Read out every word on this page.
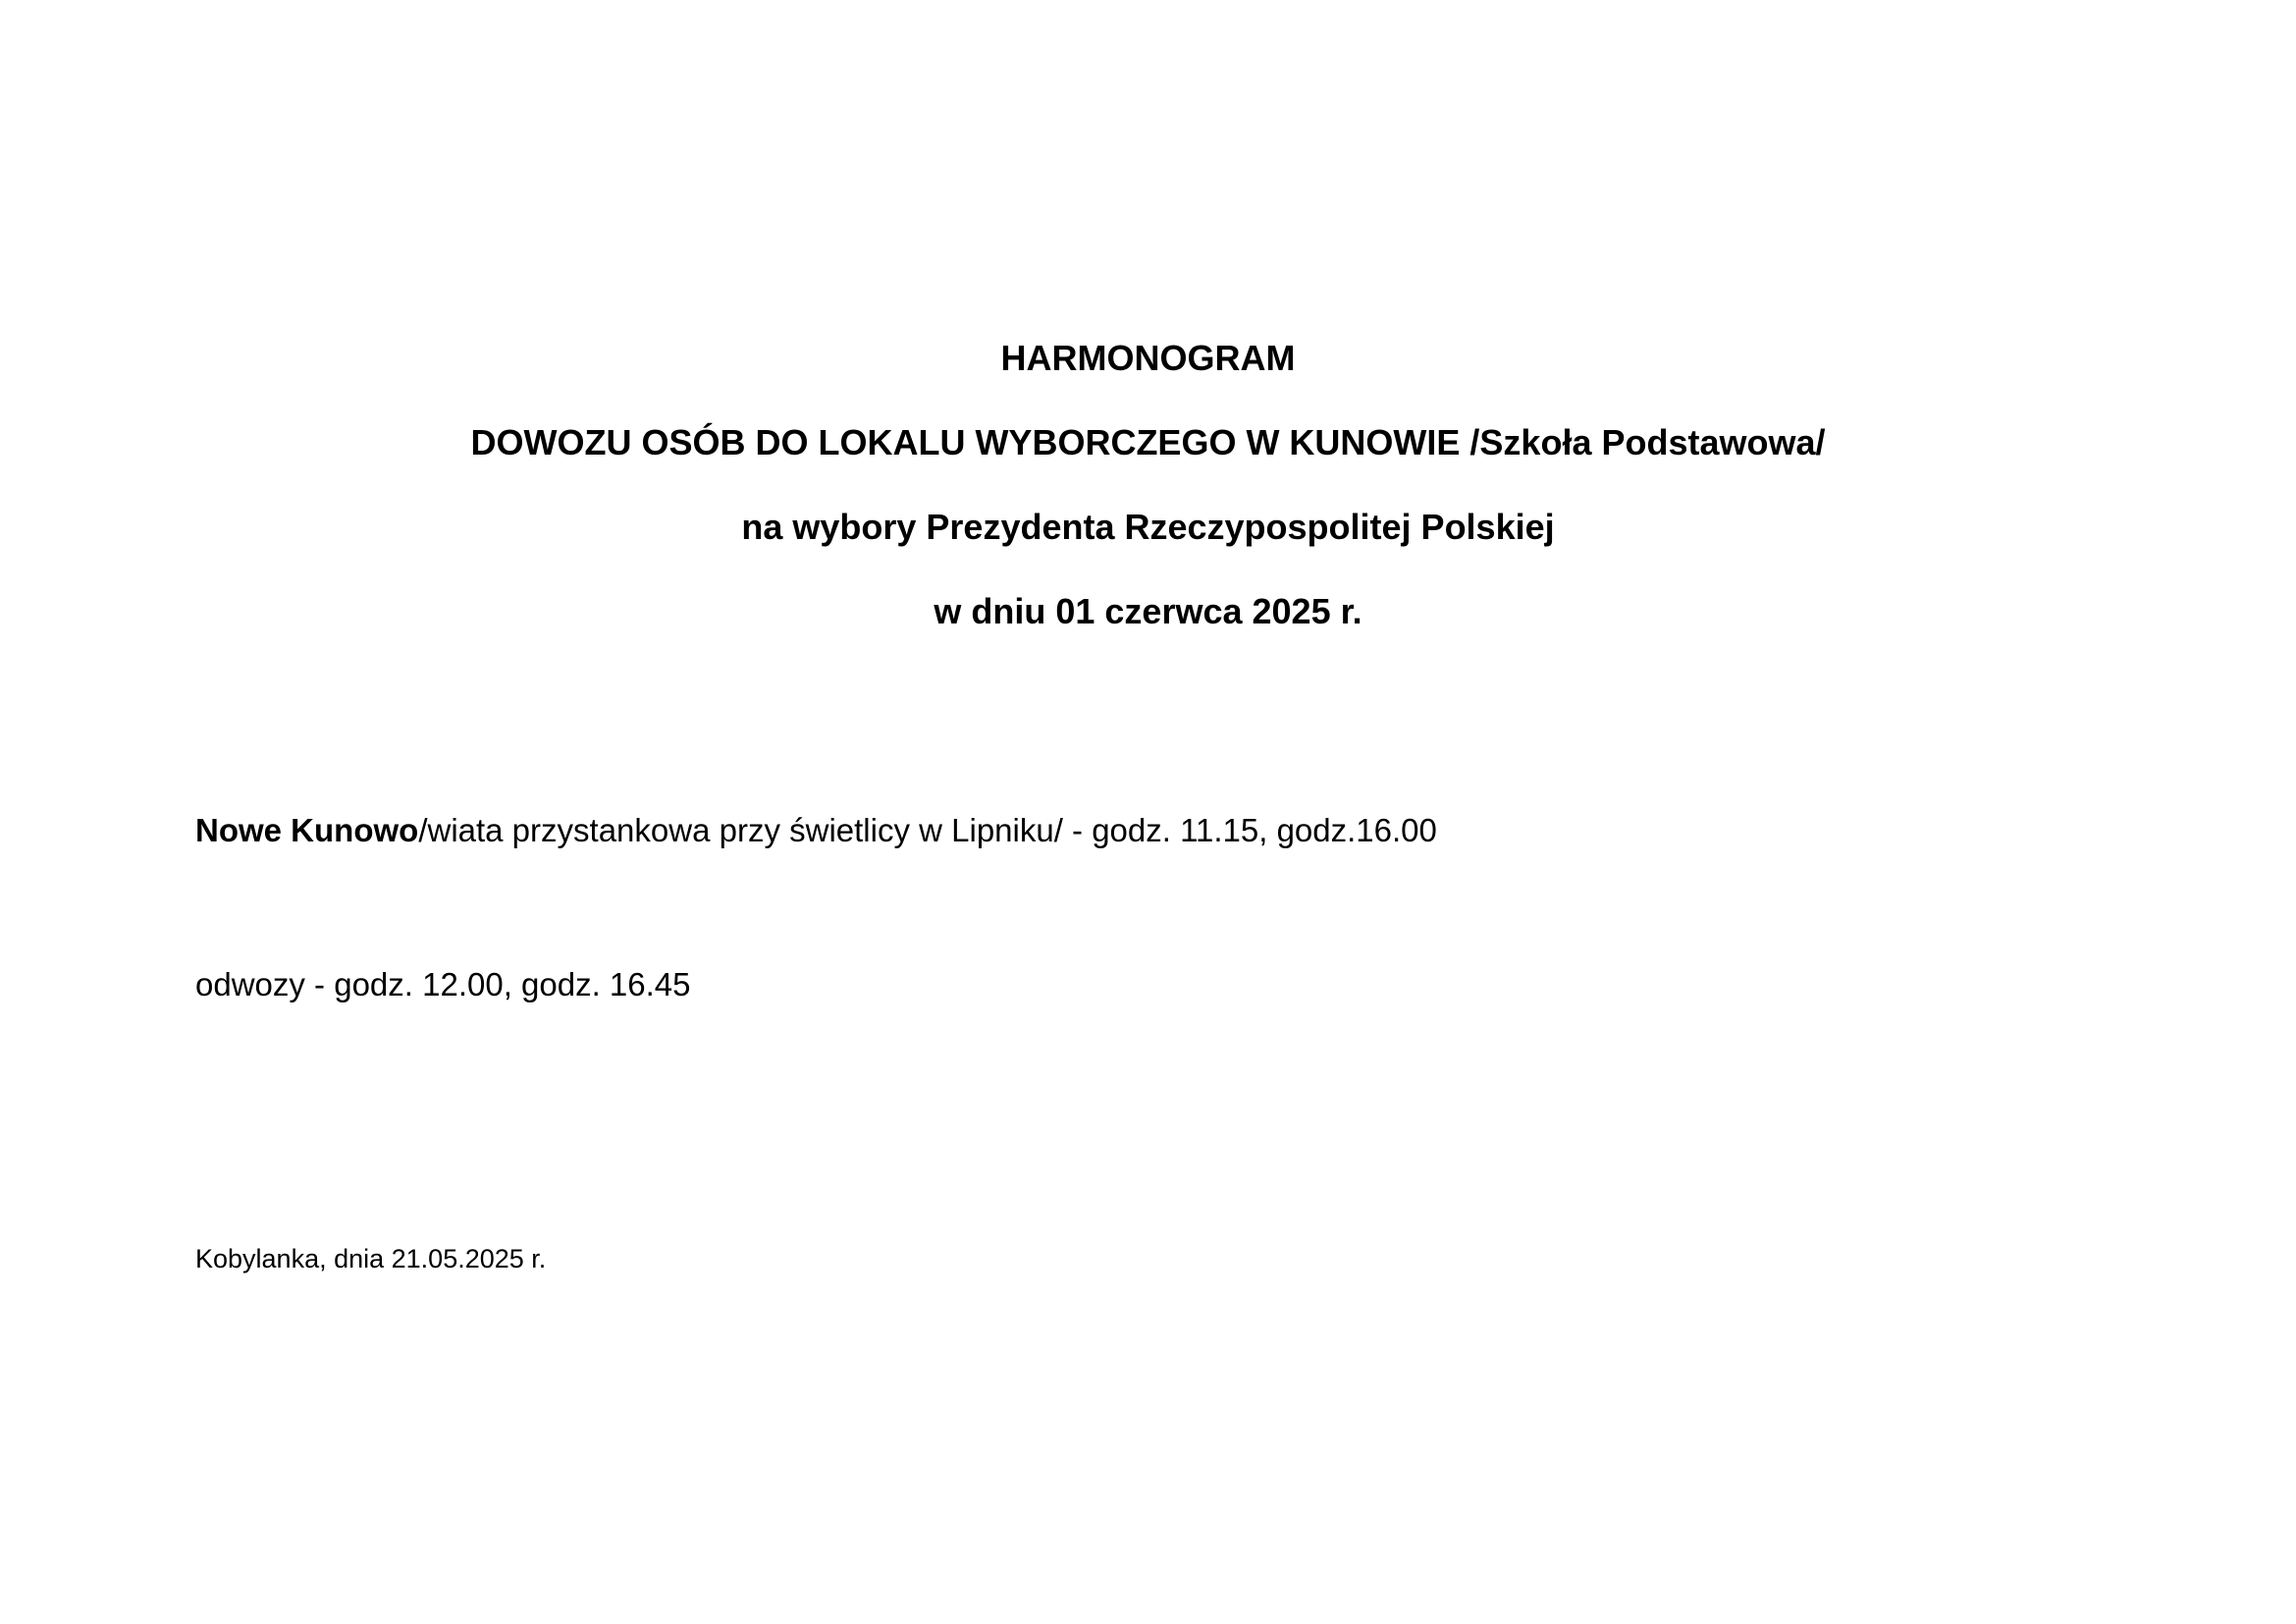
HARMONOGRAM
DOWOZU OSÓB DO LOKALU WYBORCZEGO W KUNOWIE /Szkoła Podstawowa/
na wybory Prezydenta Rzeczypospolitej Polskiej
w dniu 01 czerwca 2025 r.
Nowe Kunowo/wiata przystankowa przy świetlicy w Lipniku/ - godz. 11.15, godz.16.00
odwozy - godz. 12.00, godz. 16.45
Kobylanka, dnia 21.05.2025 r.
